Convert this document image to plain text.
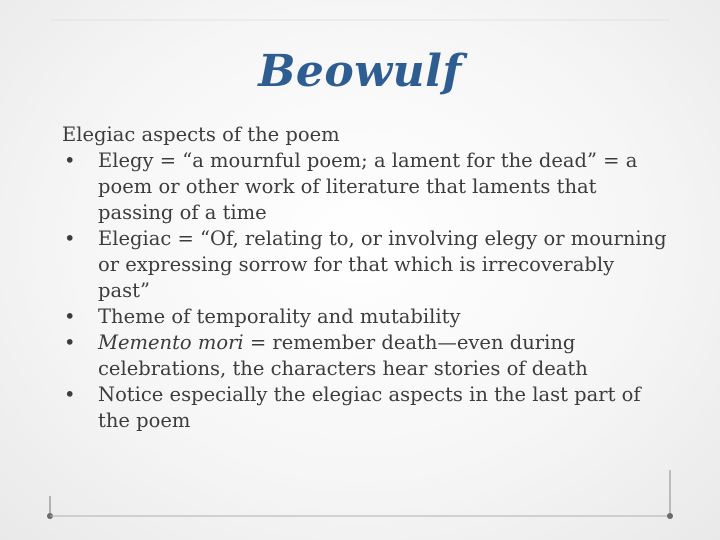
Beowulf

Elegiac aspects of the poem

• Elegy = “a mournful poem; a lament for the dead” = a poem or other work of literature that laments that passing of a time
• Elegiac = “Of, relating to, or involving elegy or mourning or expressing sorrow for that which is irrecoverably past”
• Theme of temporality and mutability
• Memento mori = remember death—even during celebrations, the characters hear stories of death
• Notice especially the elegiac aspects in the last part of the poem
